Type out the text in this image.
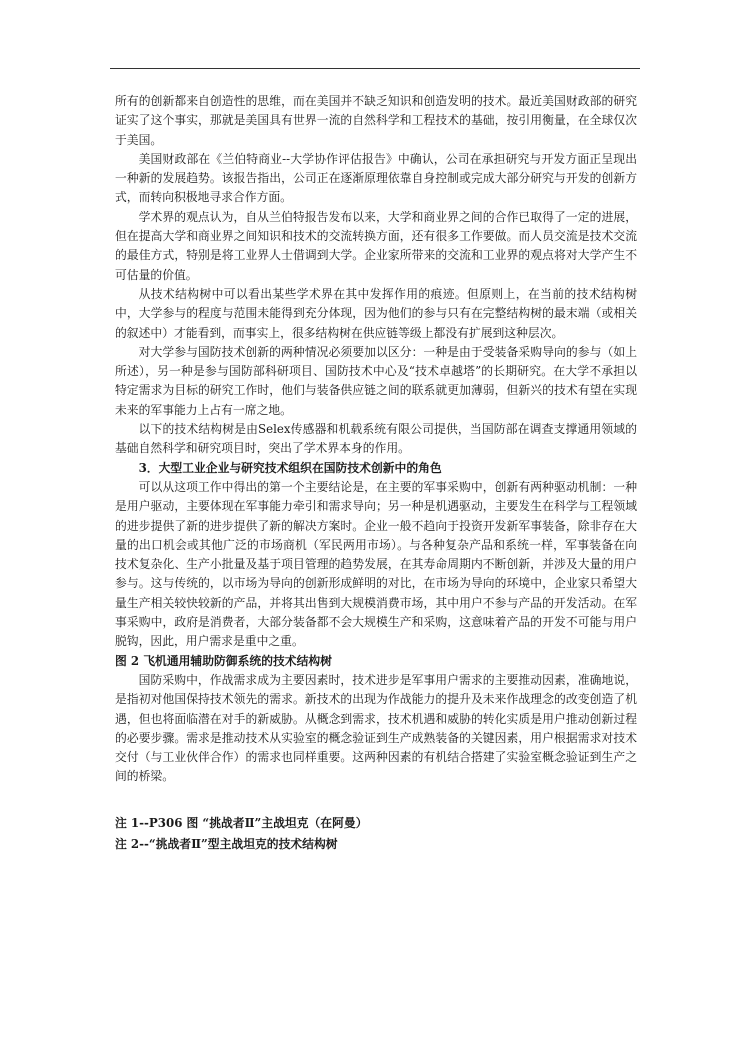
所有的创新都来自创造性的思维，而在美国并不缺乏知识和创造发明的技术。最近美国财政部的研究证实了这个事实，那就是美国具有世界一流的自然科学和工程技术的基础，按引用衡量，在全球仅次于美国。

美国财政部在《兰伯特商业--大学协作评估报告》中确认，公司在承担研究与开发方面正呈现出一种新的发展趋势。该报告指出，公司正在逐渐原理依靠自身控制或完成大部分研究与开发的创新方式，而转向积极地寻求合作方面。

学术界的观点认为，自从兰伯特报告发布以来，大学和商业界之间的合作已取得了一定的进展，但在提高大学和商业界之间知识和技术的交流转换方面，还有很多工作要做。而人员交流是技术交流的最佳方式，特别是将工业界人士借调到大学。企业家所带来的交流和工业界的观点将对大学产生不可估量的价值。

从技术结构树中可以看出某些学术界在其中发挥作用的痕迹。但原则上，在当前的技术结构树中，大学参与的程度与范围未能得到充分体现，因为他们的参与只有在完整结构树的最末端（或相关的叙述中）才能看到，而事实上，很多结构树在供应链等级上都没有扩展到这种层次。

对大学参与国防技术创新的两种情况必须要加以区分：一种是由于受装备采购导向的参与（如上所述），另一种是参与国防部科研项目、国防技术中心及“技术卓越塔”的长期研究。在大学不承担以特定需求为目标的研究工作时，他们与装备供应链之间的联系就更加薄弱，但新兴的技术有望在实现未来的军事能力上占有一席之地。

以下的技术结构树是由Selex传感器和机载系统有限公司提供，当国防部在调查支撑通用领域的基础自然科学和研究项目时，突出了学术界本身的作用。

3．大型工业企业与研究技术组织在国防技术创新中的角色

可以从这项工作中得出的第一个主要结论是，在主要的军事采购中，创新有两种驱动机制：一种是用户驱动，主要体现在军事能力牵引和需求导向；另一种是机遇驱动，主要发生在科学与工程领域的进步提供了新的进步提供了新的解决方案时。企业一般不趋向于投资开发新军事装备，除非存在大量的出口机会或其他广泛的市场商机（军民两用市场）。与各种复杂产品和系统一样，军事装备在向技术复杂化、生产小批量及基于项目管理的趋势发展，在其寿命周期内不断创新，并涉及大量的用户参与。这与传统的，以市场为导向的创新形成鲜明的对比，在市场为导向的环境中，企业家只希望大量生产相关较快较新的产品，并将其出售到大规模消费市场，其中用户不参与产品的开发活动。在军事采购中，政府是消费者，大部分装备都不会大规模生产和采购，这意味着产品的开发不可能与用户脱钩，因此，用户需求是重中之重。

图 2 飞机通用辅助防御系统的技术结构树

国防采购中，作战需求成为主要因素时，技术进步是军事用户需求的主要推动因素，准确地说，是指初对他国保持技术领先的需求。新技术的出现为作战能力的提升及未来作战理念的改变创造了机遇，但也将面临潜在对手的新威胁。从概念到需求，技术机遇和威胁的转化实质是用户推动创新过程的必要步骤。需求是推动技术从实验室的概念验证到生产成熟装备的关键因素，用户根据需求对技术交付（与工业伙伴合作）的需求也同样重要。这两种因素的有机结合搭建了实验室概念验证到生产之间的桥梁。

注 1--P306 图 “挑战者Ⅱ”主战坦克（在阿曼）

注 2--“挑战者Ⅱ”型主战坦克的技术结构树
